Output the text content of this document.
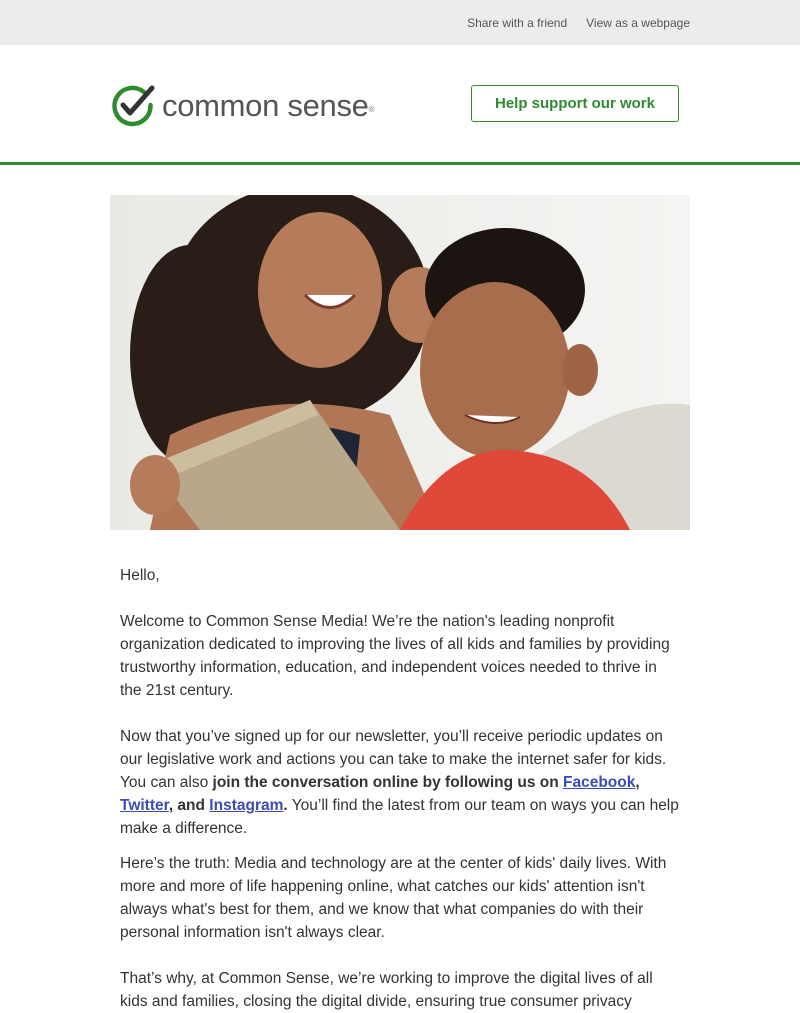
Share with a friend View as a webpage
common sense ®	Help support our work

Hello,

Welcome to Common Sense Media! We’re the nation's leading nonprofit organization dedicated to improving the lives of all kids and families by providing trustworthy information, education, and independent voices needed to thrive in the 21st century.

Now that you’ve signed up for our newsletter, you’ll receive periodic updates on our legislative work and actions you can take to make the internet safer for kids. You can also join the conversation online by following us on Facebook, Twitter, and Instagram. You’ll find the latest from our team on ways you can help make a difference.

Here’s the truth: Media and technology are at the center of kids' daily lives. With more and more of life happening online, what catches our kids' attention isn't always what's best for them, and we know that what companies do with their personal information isn't always clear.

That’s why, at Common Sense, we’re working to improve the digital lives of all kids and families, closing the digital divide, ensuring true consumer privacy
